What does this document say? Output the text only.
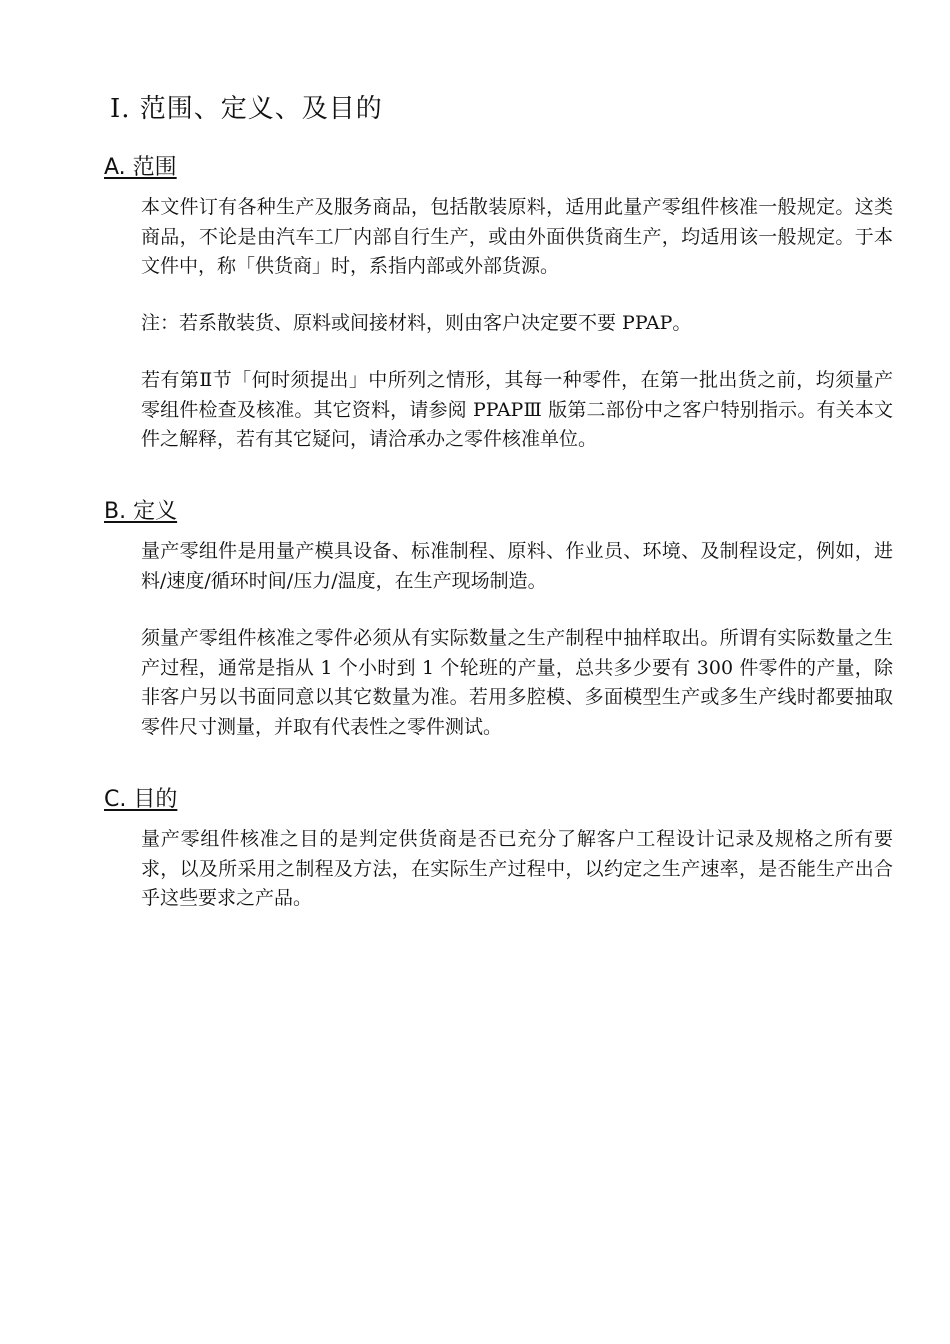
Ⅰ. 范围、定义、及目的
A. 范围

本文件订有各种生产及服务商品，包括散装原料，适用此量产零组件核准一般规定。这类商品，不论是由汽车工厂内部自行生产，或由外面供货商生产，均适用该一般规定。于本文件中，称「供货商」时，系指内部或外部货源。

注：若系散装货、原料或间接材料，则由客户决定要不要 PPAP。

若有第Ⅱ节「何时须提出」中所列之情形，其每一种零件，在第一批出货之前，均须量产零组件检查及核准。其它资料，请参阅 PPAPⅢ 版第二部份中之客户特别指示。有关本文件之解释，若有其它疑问，请洽承办之零件核准单位。

B. 定义

量产零组件是用量产模具设备、标准制程、原料、作业员、环境、及制程设定，例如，进料/速度/循环时间/压力/温度，在生产现场制造。

须量产零组件核准之零件必须从有实际数量之生产制程中抽样取出。所谓有实际数量之生产过程，通常是指从 1 个小时到 1 个轮班的产量，总共多少要有 300 件零件的产量，除非客户另以书面同意以其它数量为准。若用多腔模、多面模型生产或多生产线时都要抽取零件尺寸测量，并取有代表性之零件测试。

C. 目的

量产零组件核准之目的是判定供货商是否已充分了解客户工程设计记录及规格之所有要求，以及所采用之制程及方法，在实际生产过程中，以约定之生产速率，是否能生产出合乎这些要求之产品。
